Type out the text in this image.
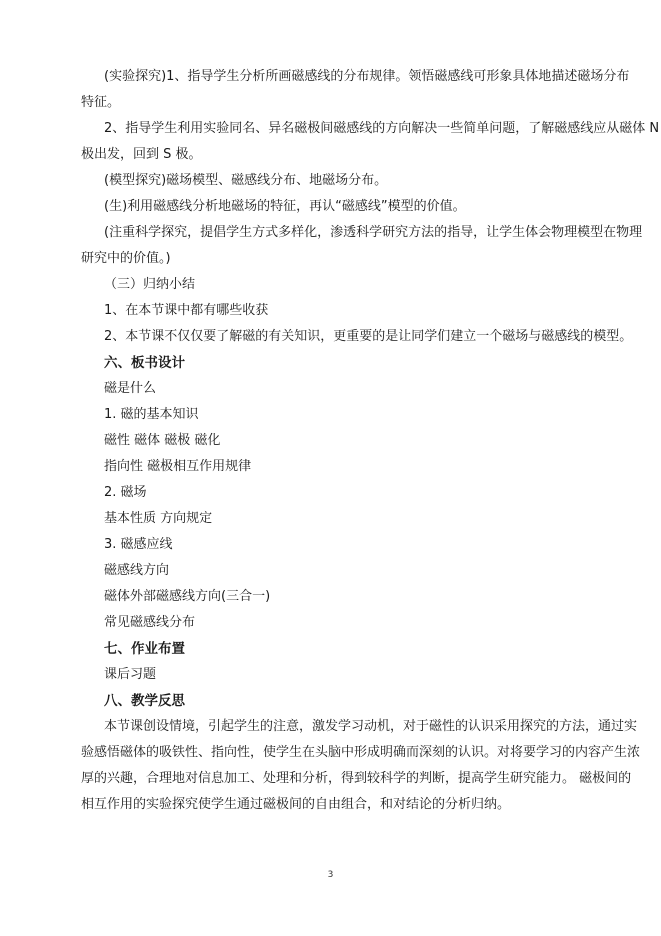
(实验探究)1、指导学生分析所画磁感线的分布规律。领悟磁感线可形象具体地描述磁场分布
特征。
2、指导学生利用实验同名、异名磁极间磁感线的方向解决一些简单问题，了解磁感线应从磁体 N
极出发，回到 S 极。
(模型探究)磁场模型、磁感线分布、地磁场分布。
(生)利用磁感线分析地磁场的特征，再认“磁感线”模型的价值。
(注重科学探究，提倡学生方式多样化，渗透科学研究方法的指导，让学生体会物理模型在物理
研究中的价值。)
（三）归纳小结
1、在本节课中都有哪些收获
2、本节课不仅仅要了解磁的有关知识，更重要的是让同学们建立一个磁场与磁感线的模型。
六、板书设计
磁是什么
1. 磁的基本知识
磁性 磁体 磁极 磁化
指向性 磁极相互作用规律
2. 磁场
基本性质 方向规定
3. 磁感应线
磁感线方向
磁体外部磁感线方向(三合一)
常见磁感线分布
七、作业布置
课后习题
八、教学反思
本节课创设情境，引起学生的注意，激发学习动机，对于磁性的认识采用探究的方法，通过实
验感悟磁体的吸铁性、指向性，使学生在头脑中形成明确而深刻的认识。对将要学习的内容产生浓
厚的兴趣，合理地对信息加工、处理和分析，得到较科学的判断，提高学生研究能力。 磁极间的
相互作用的实验探究使学生通过磁极间的自由组合，和对结论的分析归纳。
3
